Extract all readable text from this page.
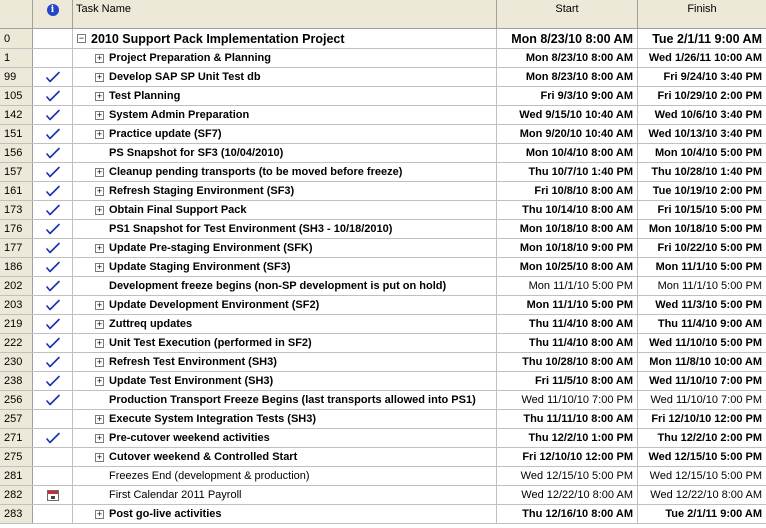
i	Task Name	Start	Finish
0	− 2010 Support Pack Implementation Project	Mon 8/23/10 8:00 AM	Tue 2/1/11 9:00 AM
1	+ Project Preparation & Planning	Mon 8/23/10 8:00 AM	Wed 1/26/11 10:00 AM
99	+ Develop SAP SP Unit Test db	Mon 8/23/10 8:00 AM	Fri 9/24/10 3:40 PM
105	+ Test Planning	Fri 9/3/10 9:00 AM	Fri 10/29/10 2:00 PM
142	+ System Admin Preparation	Wed 9/15/10 10:40 AM	Wed 10/6/10 3:40 PM
151	+ Practice update (SF7)	Mon 9/20/10 10:40 AM	Wed 10/13/10 3:40 PM
156	PS Snapshot for SF3 (10/04/2010)	Mon 10/4/10 8:00 AM	Mon 10/4/10 5:00 PM
157	+ Cleanup pending transports (to be moved before freeze)	Thu 10/7/10 1:40 PM	Thu 10/28/10 1:40 PM
161	+ Refresh Staging Environment (SF3)	Fri 10/8/10 8:00 AM	Tue 10/19/10 2:00 PM
173	+ Obtain Final Support Pack	Thu 10/14/10 8:00 AM	Fri 10/15/10 5:00 PM
176	PS1 Snapshot for Test Environment (SH3 - 10/18/2010)	Mon 10/18/10 8:00 AM	Mon 10/18/10 5:00 PM
177	+ Update Pre-staging Environment (SFK)	Mon 10/18/10 9:00 PM	Fri 10/22/10 5:00 PM
186	+ Update Staging Environment (SF3)	Mon 10/25/10 8:00 AM	Mon 11/1/10 5:00 PM
202	Development freeze begins (non-SP development is put on hold)	Mon 11/1/10 5:00 PM	Mon 11/1/10 5:00 PM
203	+ Update Development Environment (SF2)	Mon 11/1/10 5:00 PM	Wed 11/3/10 5:00 PM
219	+ Zuttreq updates	Thu 11/4/10 8:00 AM	Thu 11/4/10 9:00 AM
222	+ Unit Test Execution (performed in SF2)	Thu 11/4/10 8:00 AM	Wed 11/10/10 5:00 PM
230	+ Refresh Test Environment (SH3)	Thu 10/28/10 8:00 AM	Mon 11/8/10 10:00 AM
238	+ Update Test Environment (SH3)	Fri 11/5/10 8:00 AM	Wed 11/10/10 7:00 PM
256	Production Transport Freeze Begins (last transports allowed into PS1)	Wed 11/10/10 7:00 PM	Wed 11/10/10 7:00 PM
257	+ Execute System Integration Tests (SH3)	Thu 11/11/10 8:00 AM	Fri 12/10/10 12:00 PM
271	+ Pre-cutover weekend activities	Thu 12/2/10 1:00 PM	Thu 12/2/10 2:00 PM
275	+ Cutover weekend & Controlled Start	Fri 12/10/10 12:00 PM	Wed 12/15/10 5:00 PM
281	Freezes End (development & production)	Wed 12/15/10 5:00 PM	Wed 12/15/10 5:00 PM
282	First Calendar 2011 Payroll	Wed 12/22/10 8:00 AM	Wed 12/22/10 8:00 AM
283	+ Post go-live activities	Thu 12/16/10 8:00 AM	Tue 2/1/11 9:00 AM
